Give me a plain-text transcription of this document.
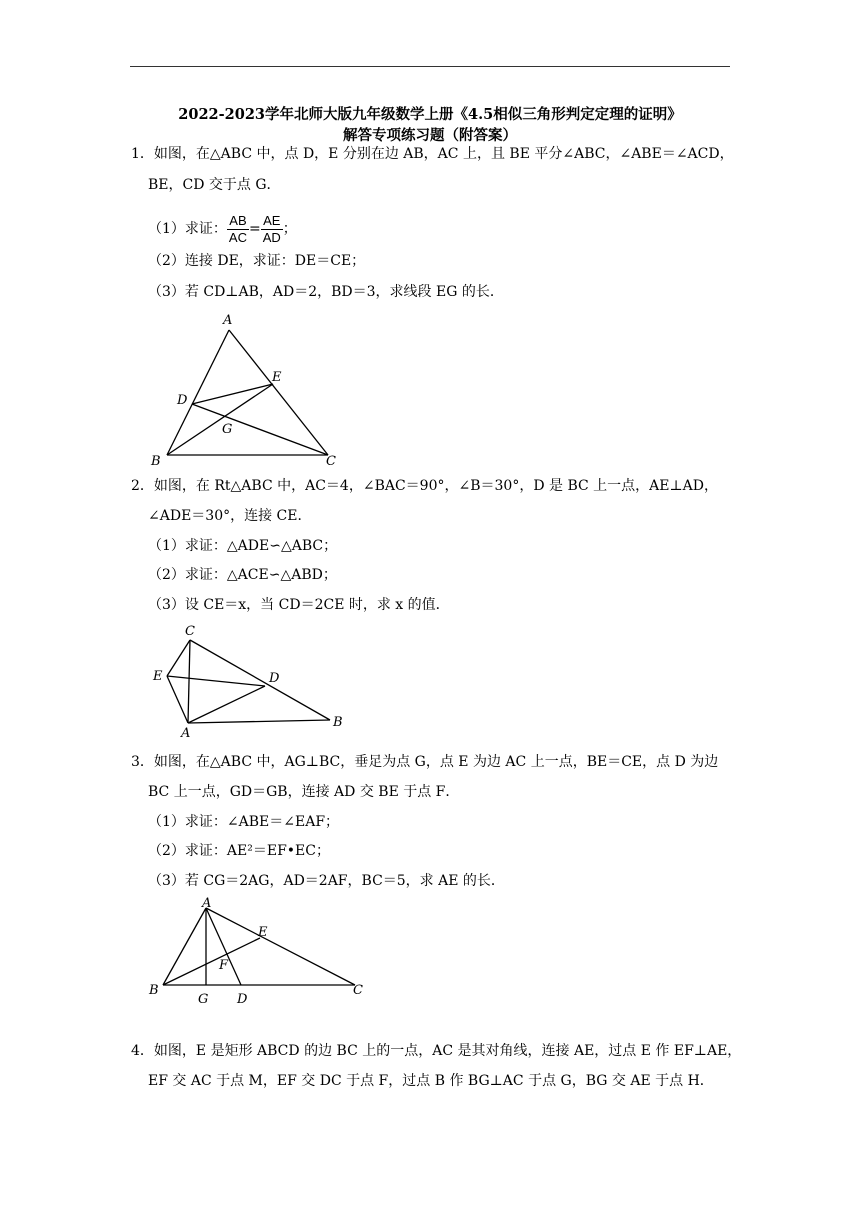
2022-2023学年北师大版九年级数学上册《4.5相似三角形判定定理的证明》
解答专项练习题（附答案）
1．如图，在△ABC 中，点 D，E 分别在边 AB，AC 上，且 BE 平分∠ABC，∠ABE＝∠ACD，
BE，CD 交于点 G．
（1）求证： $\frac{AB}{AC} = \frac{AE}{AD}$ ；
（2）连接 DE，求证：DE＝CE；
（3）若 CD⊥AB，AD＝2，BD＝3，求线段 EG 的长．
A
B	C
D
E
G
2．如图，在 Rt△ABC 中，AC＝4，∠BAC＝90°，∠B＝30°，D 是 BC 上一点，AE⊥AD，
∠ADE＝30°，连接 CE．
（1）求证：△ADE∽△ABC；
（2）求证：△ACE∽△ABD；
（3）设 CE＝x，当 CD＝2CE 时，求 x 的值．
C
E	D
A
B
3．如图，在△ABC 中，AG⊥BC，垂足为点 G，点 E 为边 AC 上一点，BE＝CE，点 D 为边
BC 上一点，GD＝GB，连接 AD 交 BE 于点 F．
（1）求证：∠ABE＝∠EAF；
（2）求证：AE²＝EF•EC；
（3）若 CG＝2AG，AD＝2AF，BC＝5，求 AE 的长．
A
E
F
B
G D
C
4．如图，E 是矩形 ABCD 的边 BC 上的一点，AC 是其对角线，连接 AE，过点 E 作 EF⊥AE，
EF 交 AC 于点 M，EF 交 DC 于点 F，过点 B 作 BG⊥AC 于点 G，BG 交 AE 于点 H．
